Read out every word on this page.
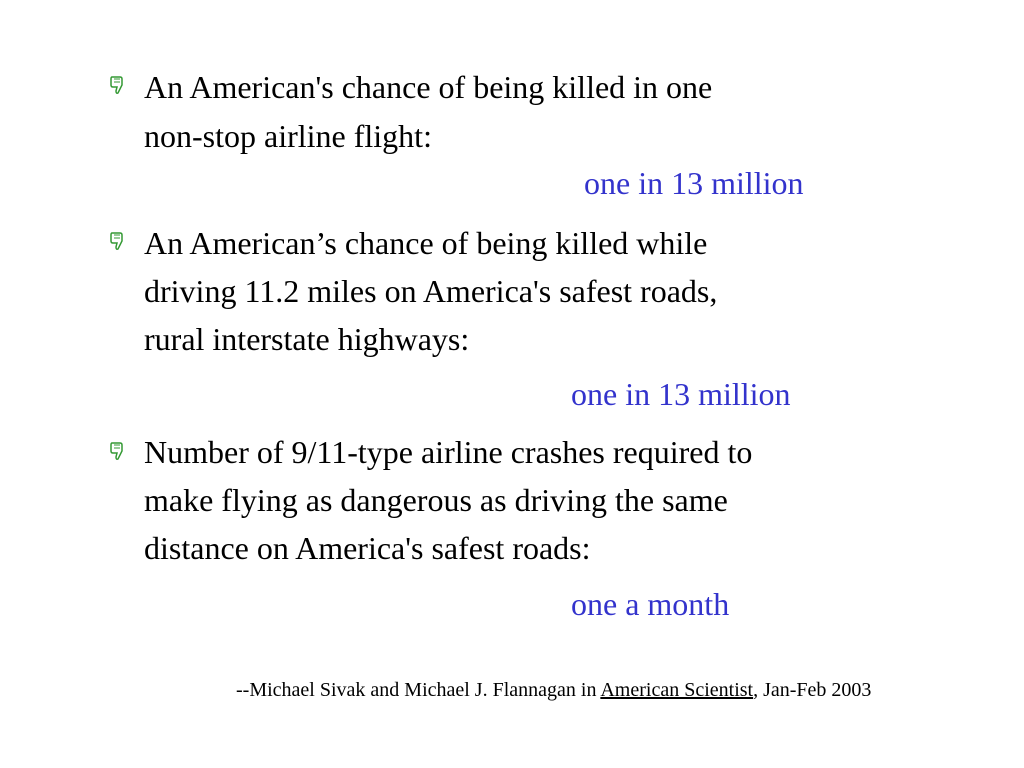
An American's chance of being killed in one
non-stop airline flight:
one in 13 million
An American’s chance of being killed while
driving 11.2 miles on America's safest roads,
rural interstate highways:
one in 13 million
Number of 9/11-type airline crashes required to
make flying as dangerous as driving the same
distance on America's safest roads:
one a month
--Michael Sivak and Michael J. Flannagan in American Scientist, Jan-Feb 2003
